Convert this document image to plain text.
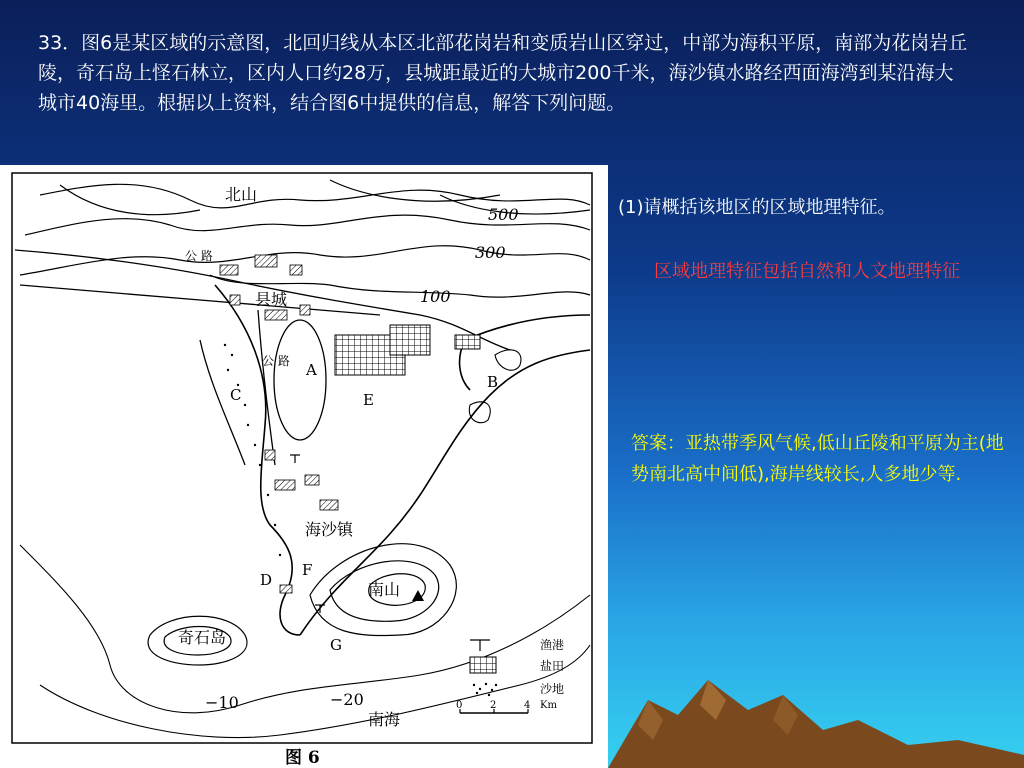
33．图6是某区域的示意图，北回归线从本区北部花岗岩和变质岩山区穿过，中部为海积平原，南部为花岗岩丘陵，奇石岛上怪石林立，区内人口约28万，县城距最近的大城市200千米，海沙镇水路经西面海湾到某沿海大城市40海里。根据以上资料，结合图6中提供的信息，解答下列问题。
北山
公 路
县城
公 路
海沙镇
南山
奇石岛
南海
A
B
C
D
E
F
G
500
300
100
−10	−20
渔港
盐田
沙地
0	2	4 Km
图 6
(1)请概括该地区的区域地理特征。
区域地理特征包括自然和人文地理特征
答案：亚热带季风气候,低山丘陵和平原为主(地势南北高中间低),海岸线较长,人多地少等.
